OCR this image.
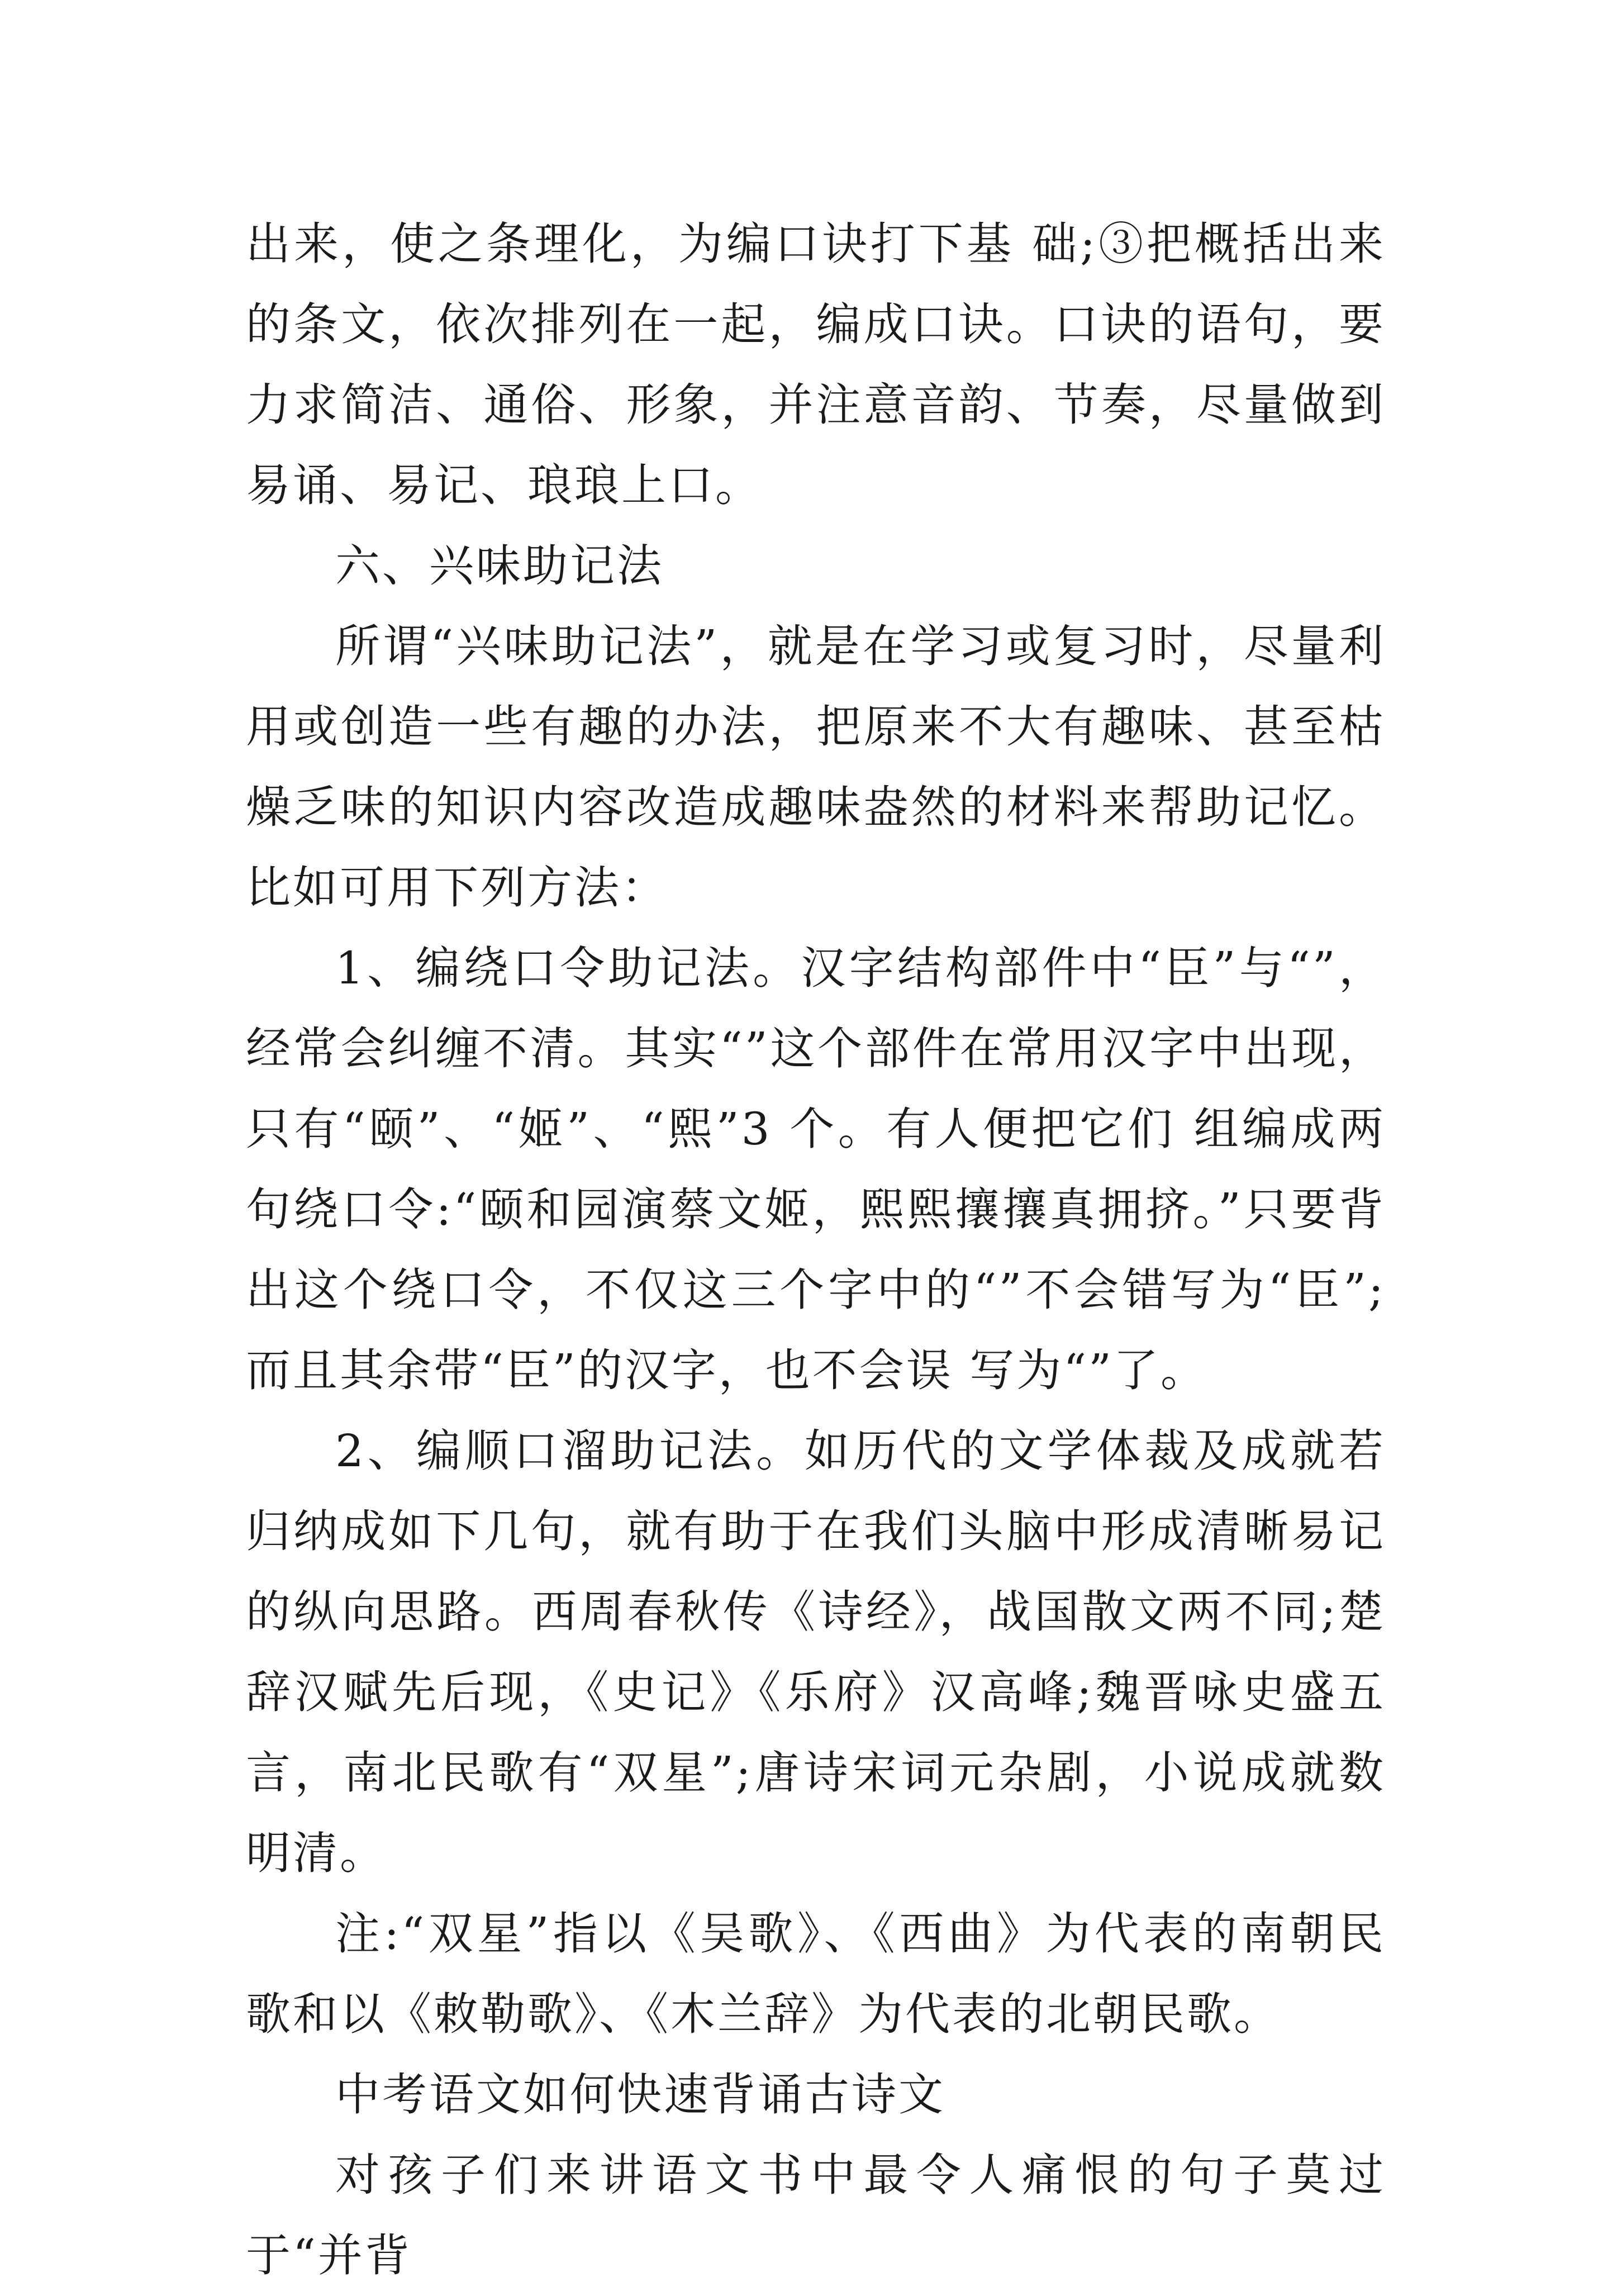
出来，使之条理化，为编口诀打下基 础;③把概括出来的条文，依次排列在一起，编成口诀。口诀的语句，要力求简洁、通俗、形象，并注意音韵、节奏，尽量做到易诵、易记、琅琅上口。

六、兴味助记法

所谓“兴味助记法”，就是在学习或复习时，尽量利用或创造一些有趣的办法，把原来不大有趣味、甚至枯燥乏味的知识内容改造成趣味盎然的材料来帮助记忆。比如可用下列方法：

1、编绕口令助记法。汉字结构部件中“臣”与“”，经常会纠缠不清。其实“”这个部件在常用汉字中出现，只有“颐”、“姬”、“熙”3 个。有人便把它们 组编成两句绕口令:“颐和园演蔡文姬，熙熙攘攘真拥挤。”只要背出这个绕口令，不仅这三个字中的“”不会错写为“臣”;而且其余带“臣”的汉字，也不会误 写为“”了。

2、编顺口溜助记法。如历代的文学体裁及成就若归纳成如下几句，就有助于在我们头脑中形成清晰易记的纵向思路。西周春秋传《诗经》，战国散文两不同;楚辞汉赋先后现，《史记》《乐府》汉高峰;魏晋咏史盛五言，南北民歌有“双星”;唐诗宋词元杂剧，小说成就数明清。

注:“双星”指以《吴歌》、《西曲》为代表的南朝民歌和以《敕勒歌》、《木兰辞》为代表的北朝民歌。

中考语文如何快速背诵古诗文

对孩子们来讲语文书中最令人痛恨的句子莫过于“并背
